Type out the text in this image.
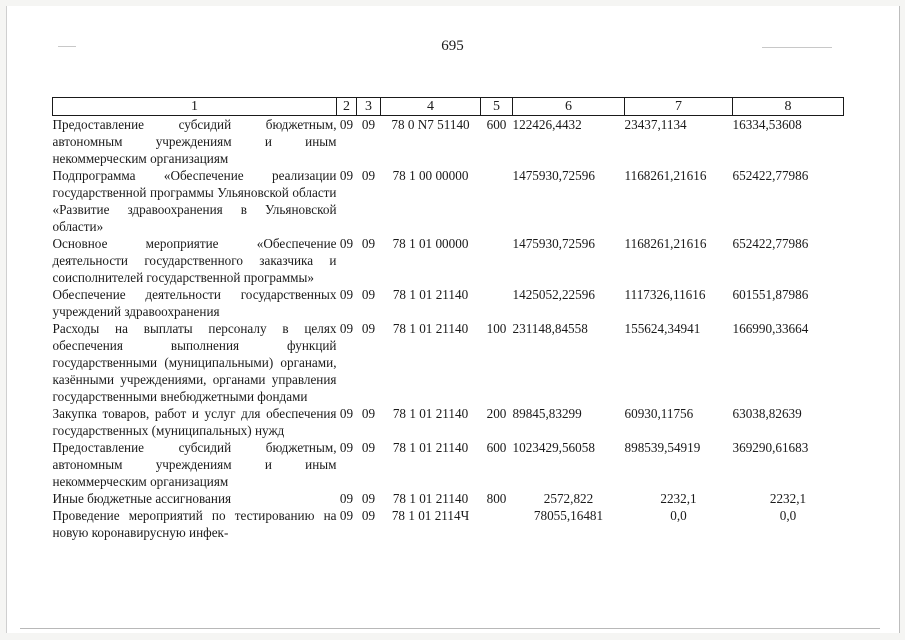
695
1	2	3	4	5	6	7	8
Предоставление субсидий бюджетным, автономным учреждениям и иным некоммерческим организациям	09	09	78 0 N7 51140	600	122426,4432	23437,1134	16334,53608
Подпрограмма «Обеспечение реализации государственной программы Ульяновской области «Развитие здравоохранения в Ульяновской области»	09	09	78 1 00 00000		1475930,72596	1168261,21616	652422,77986
Основное мероприятие «Обеспечение деятельности государственного заказчика и соисполнителей государственной программы»	09	09	78 1 01 00000		1475930,72596	1168261,21616	652422,77986
Обеспечение деятельности государственных учреждений здравоохранения	09	09	78 1 01 21140		1425052,22596	1117326,11616	601551,87986
Расходы на выплаты персоналу в целях обеспечения выполнения функций государственными (муниципальными) органами, казёнными учреждениями, органами управления государственными внебюджетными фондами	09	09	78 1 01 21140	100	231148,84558	155624,34941	166990,33664
Закупка товаров, работ и услуг для обеспечения государственных (муниципальных) нужд	09	09	78 1 01 21140	200	89845,83299	60930,11756	63038,82639
Предоставление субсидий бюджетным, автономным учреждениям и иным некоммерческим организациям	09	09	78 1 01 21140	600	1023429,56058	898539,54919	369290,61683
Иные бюджетные ассигнования	09	09	78 1 01 21140	800	2572,822	2232,1	2232,1
Проведение мероприятий по тестированию на новую коронавирусную инфек-	09	09	78 1 01 2114Ч		78055,16481	0,0	0,0
